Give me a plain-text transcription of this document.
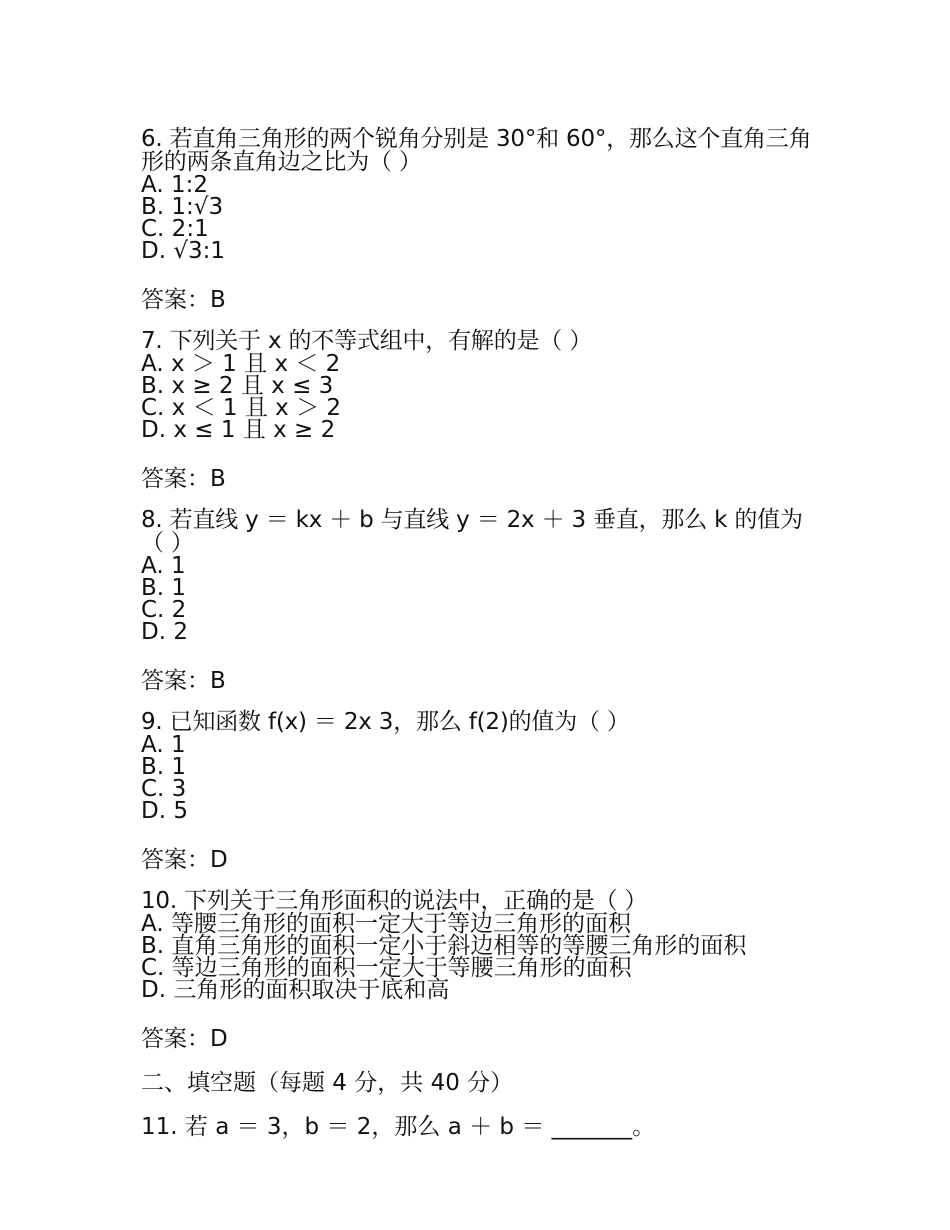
6. 若直角三角形的两个锐角分别是 30°和 60°，那么这个直角三角形的两条直角边之比为（ ）
A. 1:2
B. 1:√3
C. 2:1
D. √3:1
答案：B
7. 下列关于 x 的不等式组中，有解的是（ ）
A. x ＞ 1 且 x ＜ 2
B. x ≥ 2 且 x ≤ 3
C. x ＜ 1 且 x ＞ 2
D. x ≤ 1 且 x ≥ 2
答案：B
8. 若直线 y ＝ kx ＋ b 与直线 y ＝ 2x ＋ 3 垂直，那么 k 的值为（ ）
A. 1
B. 1
C. 2
D. 2
答案：B
9. 已知函数 f(x) ＝ 2x 3，那么 f(2)的值为（ ）
A. 1
B. 1
C. 3
D. 5
答案：D
10. 下列关于三角形面积的说法中，正确的是（ ）
A. 等腰三角形的面积一定大于等边三角形的面积
B. 直角三角形的面积一定小于斜边相等的等腰三角形的面积
C. 等边三角形的面积一定大于等腰三角形的面积
D. 三角形的面积取决于底和高
答案：D
二、填空题（每题 4 分，共 40 分）
11. 若 a ＝ 3，b ＝ 2，那么 a ＋ b ＝ _______。
